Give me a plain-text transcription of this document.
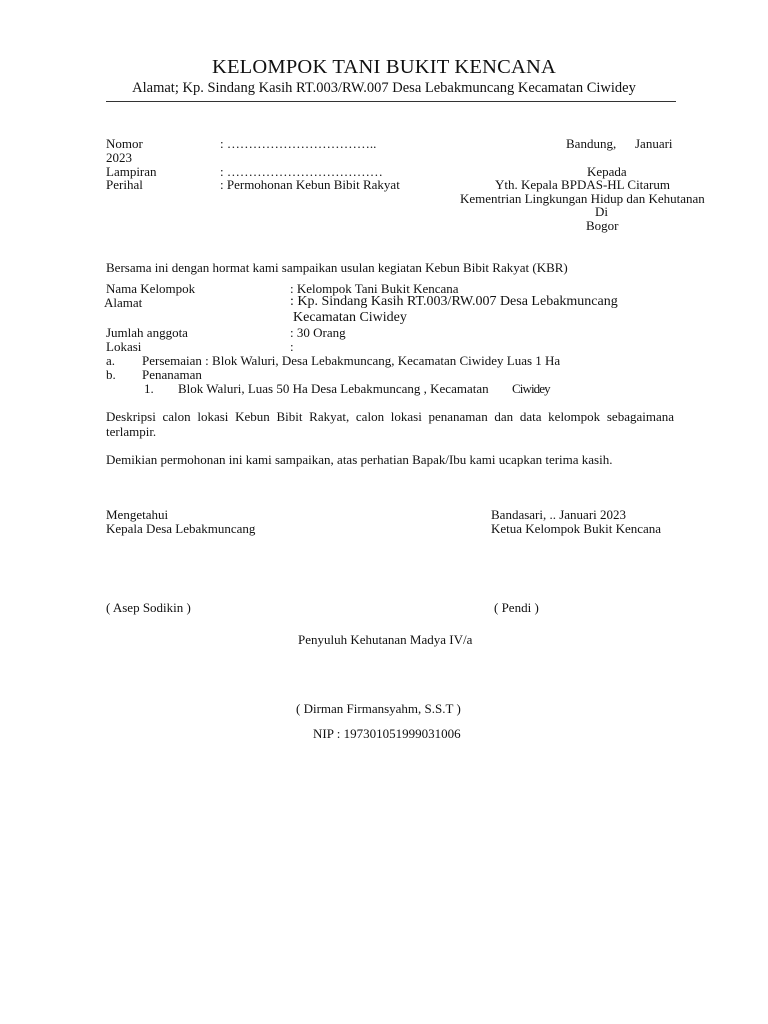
KELOMPOK TANI BUKIT KENCANA
Alamat; Kp. Sindang Kasih RT.003/RW.007 Desa Lebakmuncang Kecamatan Ciwidey
Nomor	: ……………………………..	Bandung, Januari
2023
Lampiran	: ………………………………	Kepada
Perihal	: Permohonan Kebun Bibit Rakyat	Yth. Kepala BPDAS-HL Citarum
Kementrian Lingkungan Hidup dan Kehutanan
Di
Bogor
Bersama ini dengan hormat kami sampaikan usulan kegiatan Kebun Bibit Rakyat (KBR)
Nama Kelompok	: Kelompok Tani Bukit Kencana
Alamat	: Kp. Sindang Kasih RT.003/RW.007 Desa Lebakmuncang
Kecamatan Ciwidey
Jumlah anggota	: 30 Orang
Lokasi	:
a. Persemaian : Blok Waluri, Desa Lebakmuncang, Kecamatan Ciwidey Luas 1 Ha
b. Penanaman
1. Blok Waluri, Luas 50 Ha Desa Lebakmuncang , Kecamatan Ciwidey
Deskripsi calon lokasi Kebun Bibit Rakyat, calon lokasi penanaman dan data kelompok sebagaimana terlampir.
Demikian permohonan ini kami sampaikan, atas perhatian Bapak/Ibu kami ucapkan terima kasih.
Mengetahui
Kepala Desa Lebakmuncang
Bandasari, .. Januari 2023
Ketua Kelompok Bukit Kencana
( Asep Sodikin )	( Pendi )
Penyuluh Kehutanan Madya IV/a
( Dirman Firmansyahm, S.S.T )
NIP : 197301051999031006
